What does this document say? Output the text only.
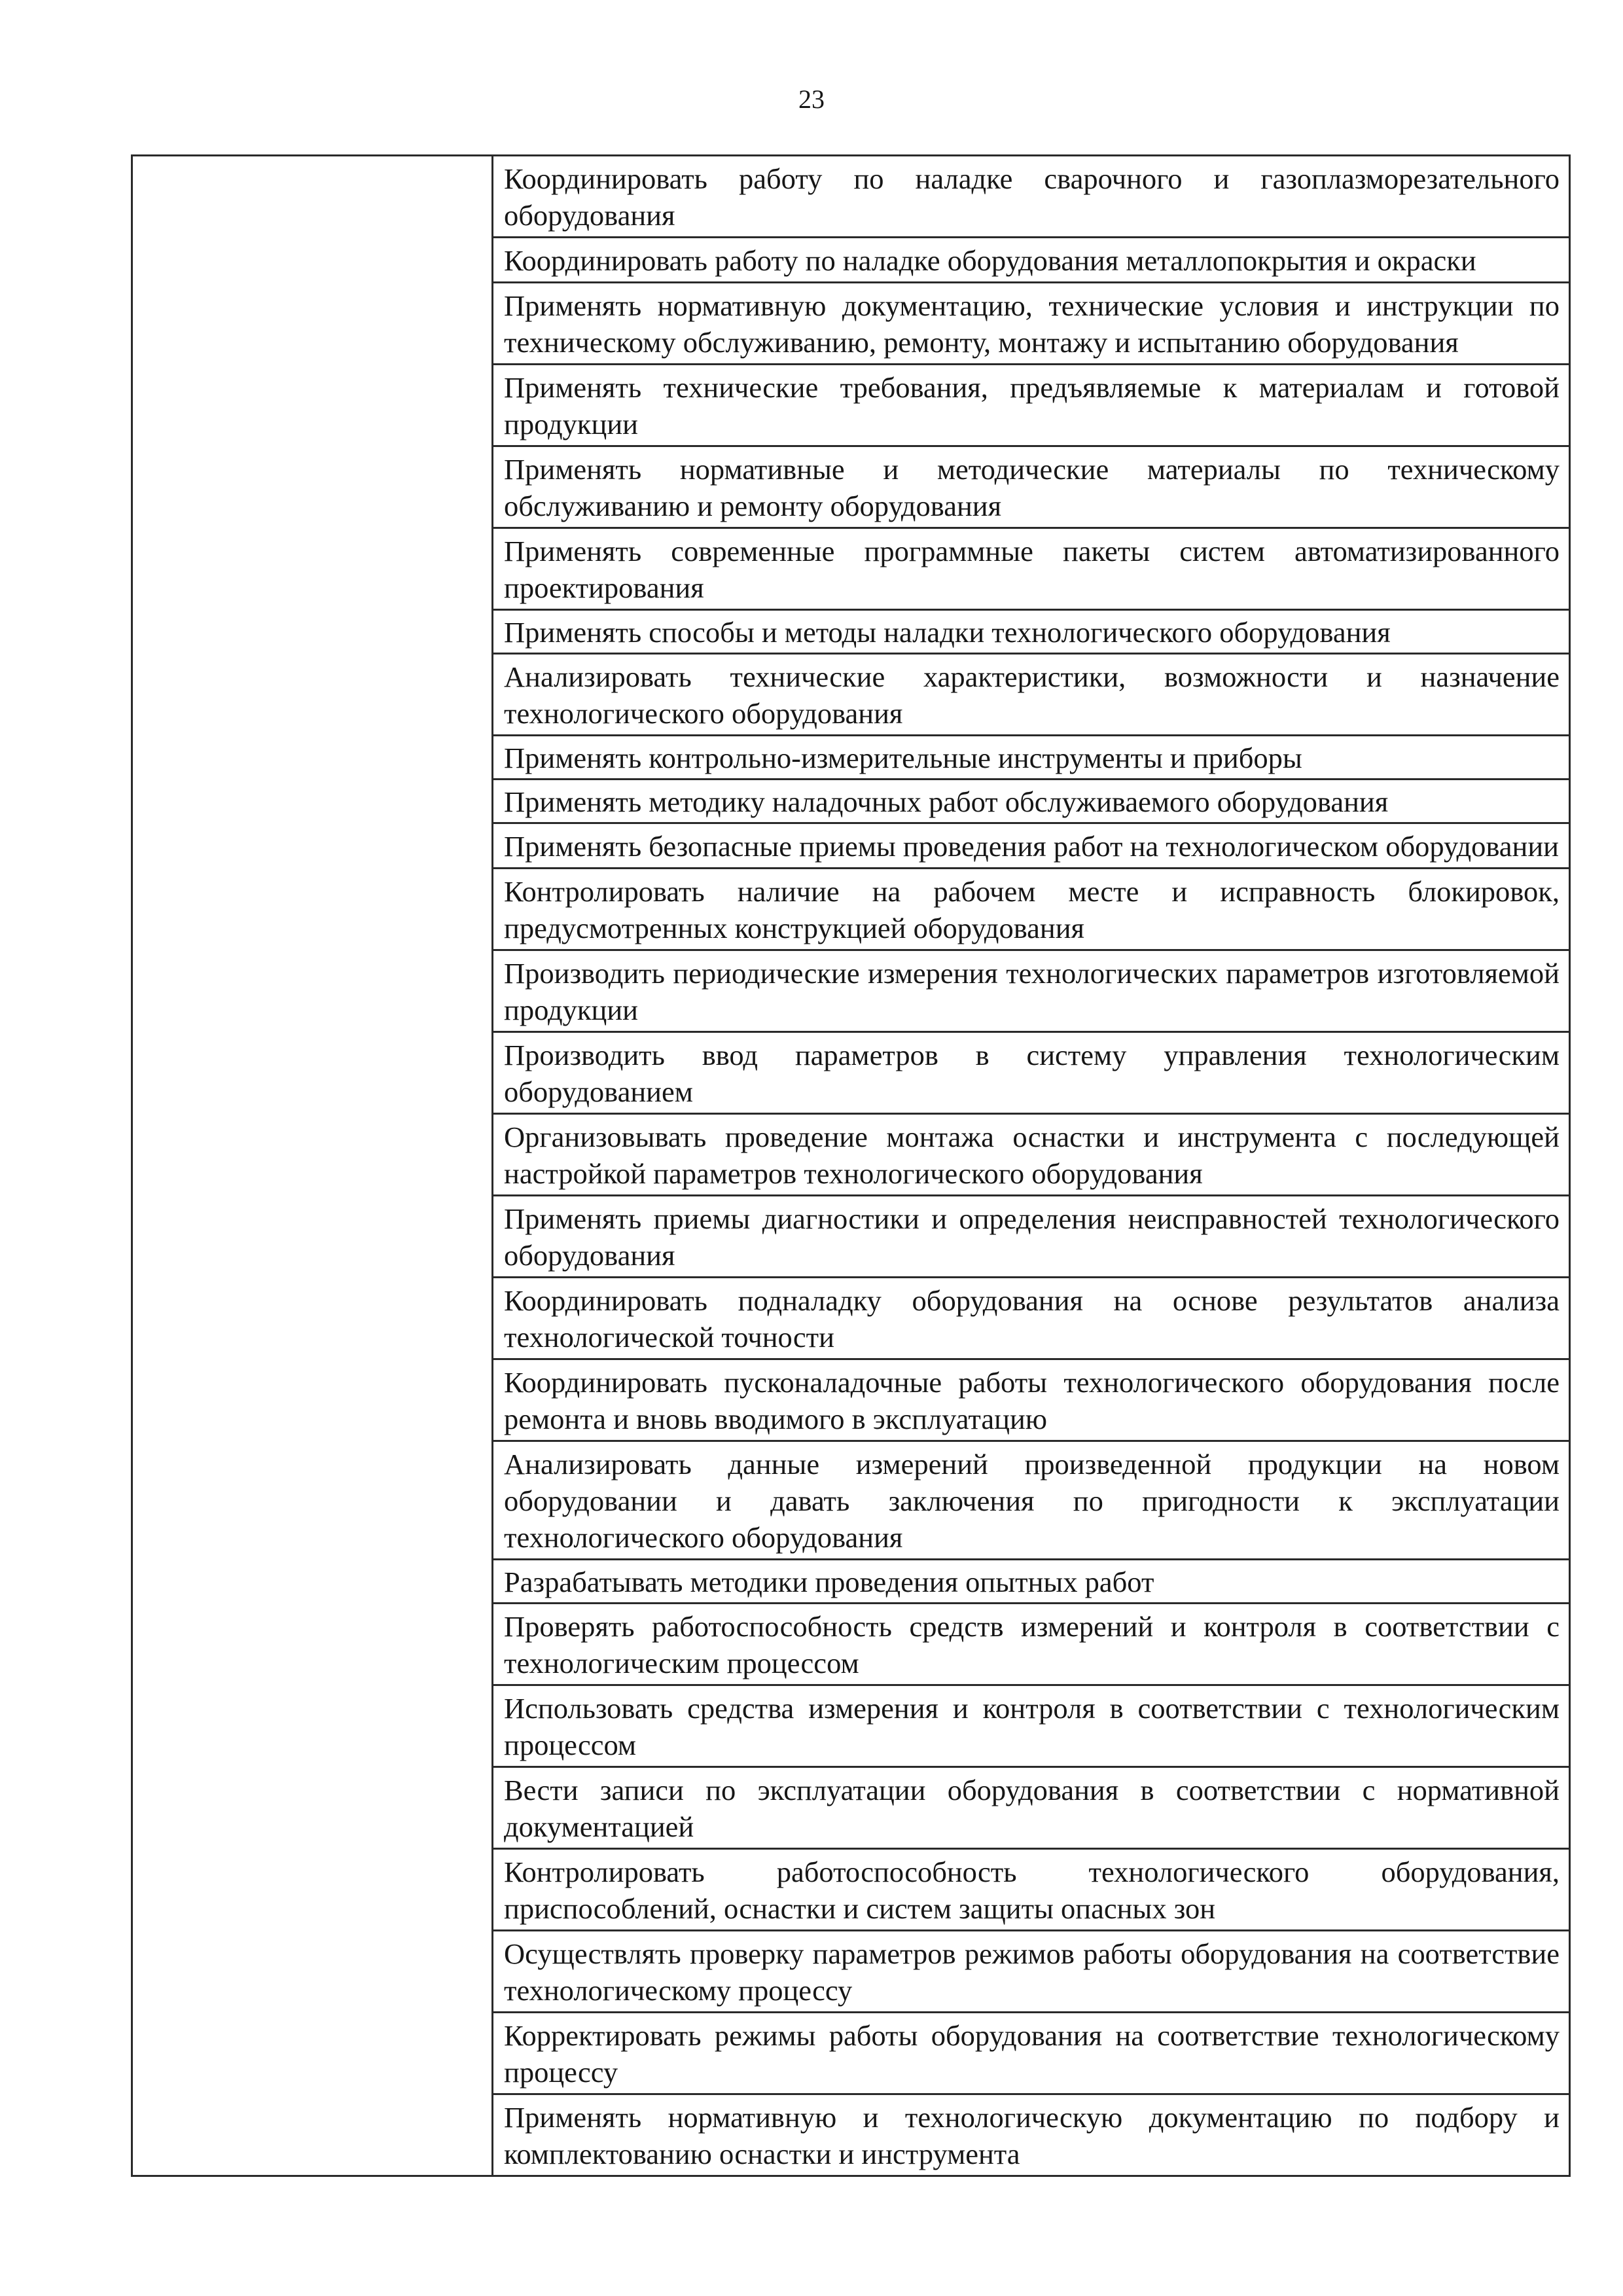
23

Координировать работу по наладке сварочного и газоплазморезательного оборудования
Координировать работу по наладке оборудования металлопокрытия и окраски
Применять нормативную документацию, технические условия и инструкции по техническому обслуживанию, ремонту, монтажу и испытанию оборудования
Применять технические требования, предъявляемые к материалам и готовой продукции
Применять нормативные и методические материалы по техническому обслуживанию и ремонту оборудования
Применять современные программные пакеты систем автоматизированного проектирования
Применять способы и методы наладки технологического оборудования
Анализировать технические характеристики, возможности и назначение технологического оборудования
Применять контрольно-измерительные инструменты и приборы
Применять методику наладочных работ обслуживаемого оборудования
Применять безопасные приемы проведения работ на технологическом оборудовании
Контролировать наличие на рабочем месте и исправность блокировок, предусмотренных конструкцией оборудования
Производить периодические измерения технологических параметров изготовляемой продукции
Производить ввод параметров в систему управления технологическим оборудованием
Организовывать проведение монтажа оснастки и инструмента с последующей настройкой параметров технологического оборудования
Применять приемы диагностики и определения неисправностей технологического оборудования
Координировать подналадку оборудования на основе результатов анализа технологической точности
Координировать пусконаладочные работы технологического оборудования после ремонта и вновь вводимого в эксплуатацию
Анализировать данные измерений произведенной продукции на новом оборудовании и давать заключения по пригодности к эксплуатации технологического оборудования
Разрабатывать методики проведения опытных работ
Проверять работоспособность средств измерений и контроля в соответствии с технологическим процессом
Использовать средства измерения и контроля в соответствии с технологическим процессом
Вести записи по эксплуатации оборудования в соответствии с нормативной документацией
Контролировать работоспособность технологического оборудования, приспособлений, оснастки и систем защиты опасных зон
Осуществлять проверку параметров режимов работы оборудования на соответствие технологическому процессу
Корректировать режимы работы оборудования на соответствие технологическому процессу
Применять нормативную и технологическую документацию по подбору и комплектованию оснастки и инструмента
